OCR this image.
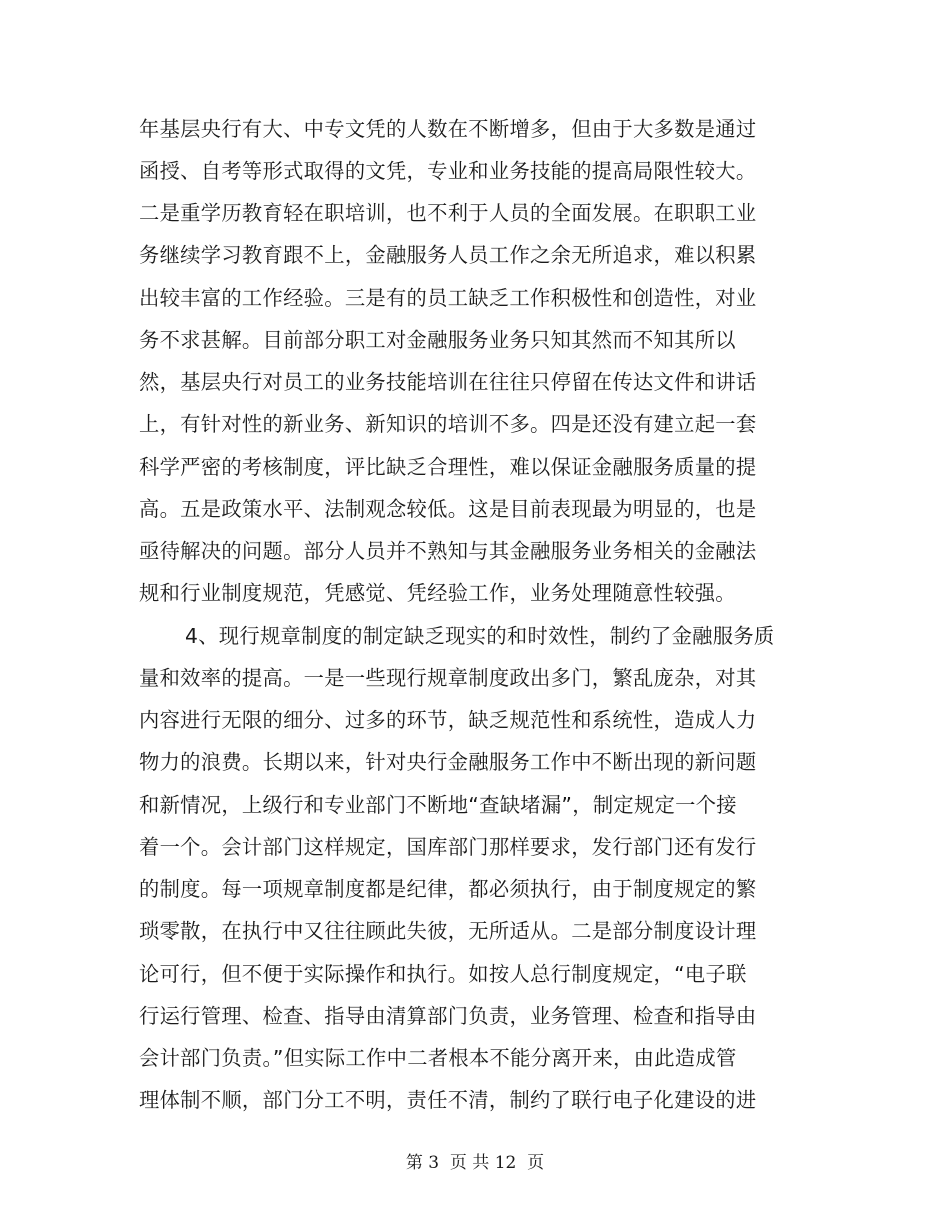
年基层央行有大、中专文凭的人数在不断增多，但由于大多数是通过

函授、自考等形式取得的文凭，专业和业务技能的提高局限性较大。

二是重学历教育轻在职培训，也不利于人员的全面发展。在职职工业

务继续学习教育跟不上，金融服务人员工作之余无所追求，难以积累

出较丰富的工作经验。三是有的员工缺乏工作积极性和创造性，对业

务不求甚解。目前部分职工对金融服务业务只知其然而不知其所以

然，基层央行对员工的业务技能培训在往往只停留在传达文件和讲话

上，有针对性的新业务、新知识的培训不多。四是还没有建立起一套

科学严密的考核制度，评比缺乏合理性，难以保证金融服务质量的提

高。五是政策水平、法制观念较低。这是目前表现最为明显的，也是

亟待解决的问题。部分人员并不熟知与其金融服务业务相关的金融法

规和行业制度规范，凭感觉、凭经验工作，业务处理随意性较强。

4、现行规章制度的制定缺乏现实的和时效性，制约了金融服务质

量和效率的提高。一是一些现行规章制度政出多门，繁乱庞杂，对其

内容进行无限的细分、过多的环节，缺乏规范性和系统性，造成人力

物力的浪费。长期以来，针对央行金融服务工作中不断出现的新问题

和新情况，上级行和专业部门不断地“查缺堵漏”，制定规定一个接

着一个。会计部门这样规定，国库部门那样要求，发行部门还有发行

的制度。每一项规章制度都是纪律，都必须执行，由于制度规定的繁

琐零散，在执行中又往往顾此失彼，无所适从。二是部分制度设计理

论可行，但不便于实际操作和执行。如按人总行制度规定，“电子联

行运行管理、检查、指导由清算部门负责，业务管理、检查和指导由

会计部门负责。”但实际工作中二者根本不能分离开来，由此造成管

理体制不顺，部门分工不明，责任不清，制约了联行电子化建设的进

第 3  页 共 12  页
